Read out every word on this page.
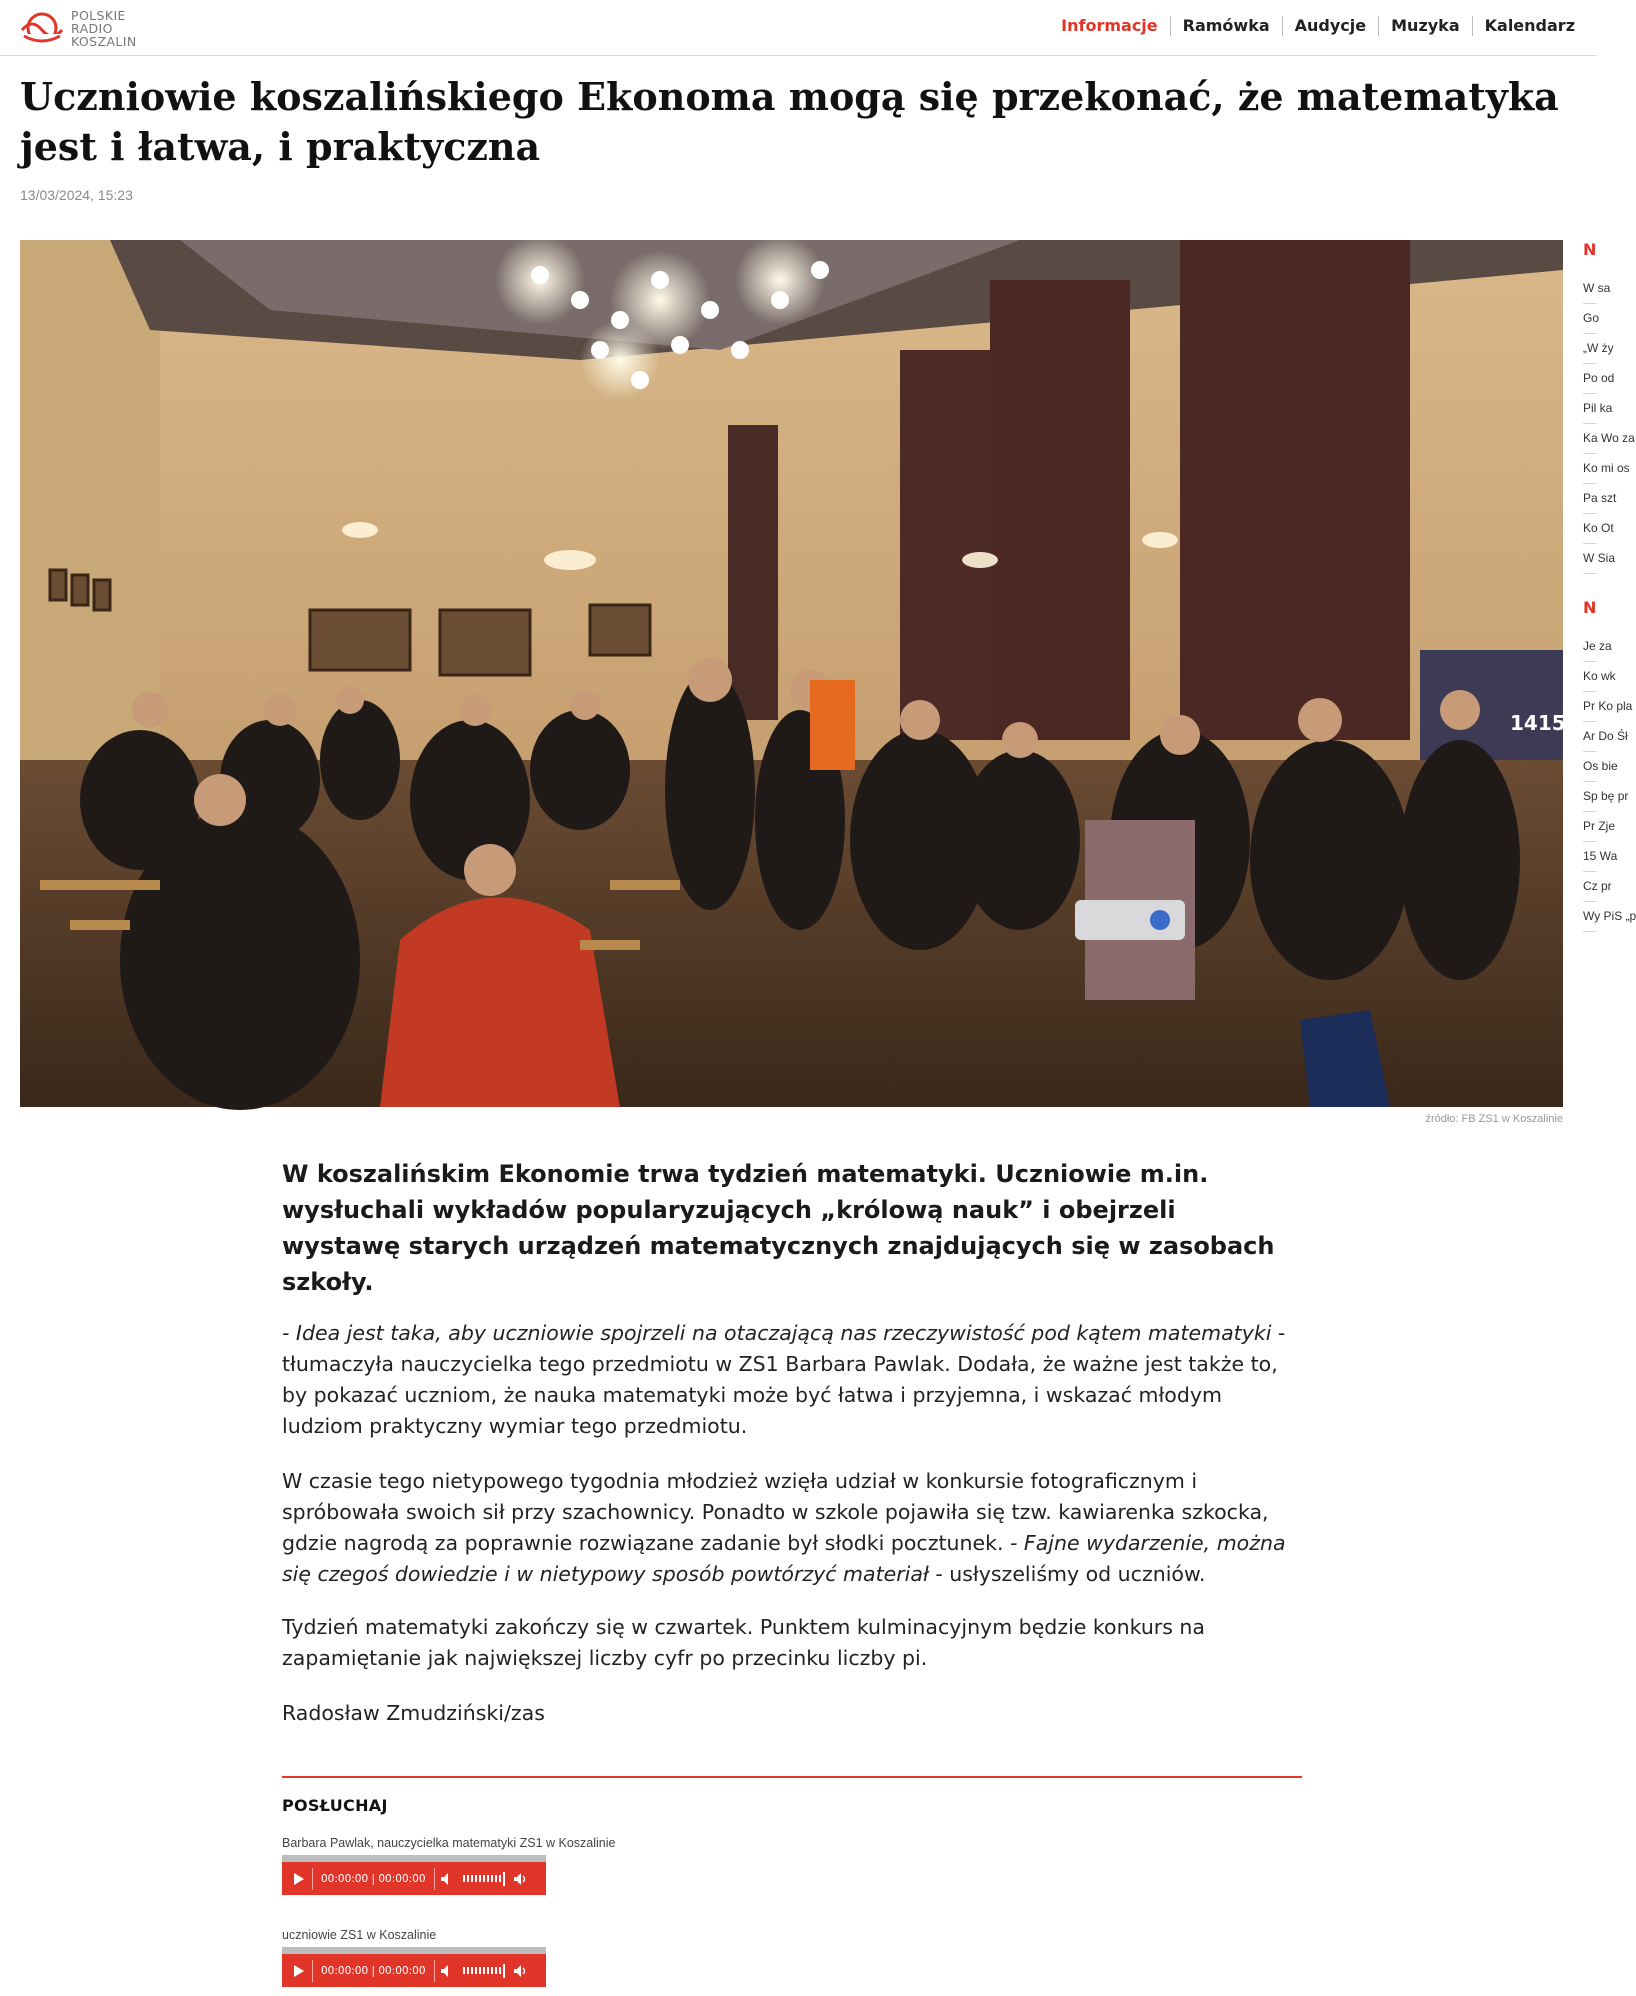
POLSKIE
RADIO
KOSZALIN
Informacje	Ramówka	Audycje	Muzyka	Kalendarz
Uczniowie koszalińskiego Ekonoma mogą się przekonać, że matematyka jest i łatwa, i praktyczna
13/03/2024, 15:23
1415
źródło: FB ZS1 w Koszalinie
N
W sa
Go
„W ży
Po od
Pil ka
Ka Wo za
Ko mi os
Pa szt
Ko Ot
W Sia
N
Je za
Ko wk
Pr Ko pla
Ar Do Śł
Os bie
Sp bę pr
Pr Zje
15 Wa
Cz pr
Wy PiS „p

W koszalińskim Ekonomie trwa tydzień matematyki. Uczniowie m.in. wysłuchali wykładów popularyzujących „królową nauk” i obejrzeli wystawę starych urządzeń matematycznych znajdujących się w zasobach szkoły.

- Idea jest taka, aby uczniowie spojrzeli na otaczającą nas rzeczywistość pod kątem matematyki - tłumaczyła nauczycielka tego przedmiotu w ZS1 Barbara Pawlak. Dodała, że ważne jest także to, by pokazać uczniom, że nauka matematyki może być łatwa i przyjemna, i wskazać młodym ludziom praktyczny wymiar tego przedmiotu.

W czasie tego nietypowego tygodnia młodzież wzięła udział w konkursie fotograficznym i spróbowała swoich sił przy szachownicy. Ponadto w szkole pojawiła się tzw. kawiarenka szkocka, gdzie nagrodą za poprawnie rozwiązane zadanie był słodki pocztunek. - Fajne wydarzenie, można się czegoś dowiedzie i w nietypowy sposób powtórzyć materiał - usłyszeliśmy od uczniów.

Tydzień matematyki zakończy się w czwartek. Punktem kulminacyjnym będzie konkurs na zapamiętanie jak największej liczby cyfr po przecinku liczby pi.

Radosław Zmudziński/zas

POSŁUCHAJ
Barbara Pawlak, nauczycielka matematyki ZS1 w Koszalinie
00:00:00 | 00:00:00
uczniowie ZS1 w Koszalinie
00:00:00 | 00:00:00
